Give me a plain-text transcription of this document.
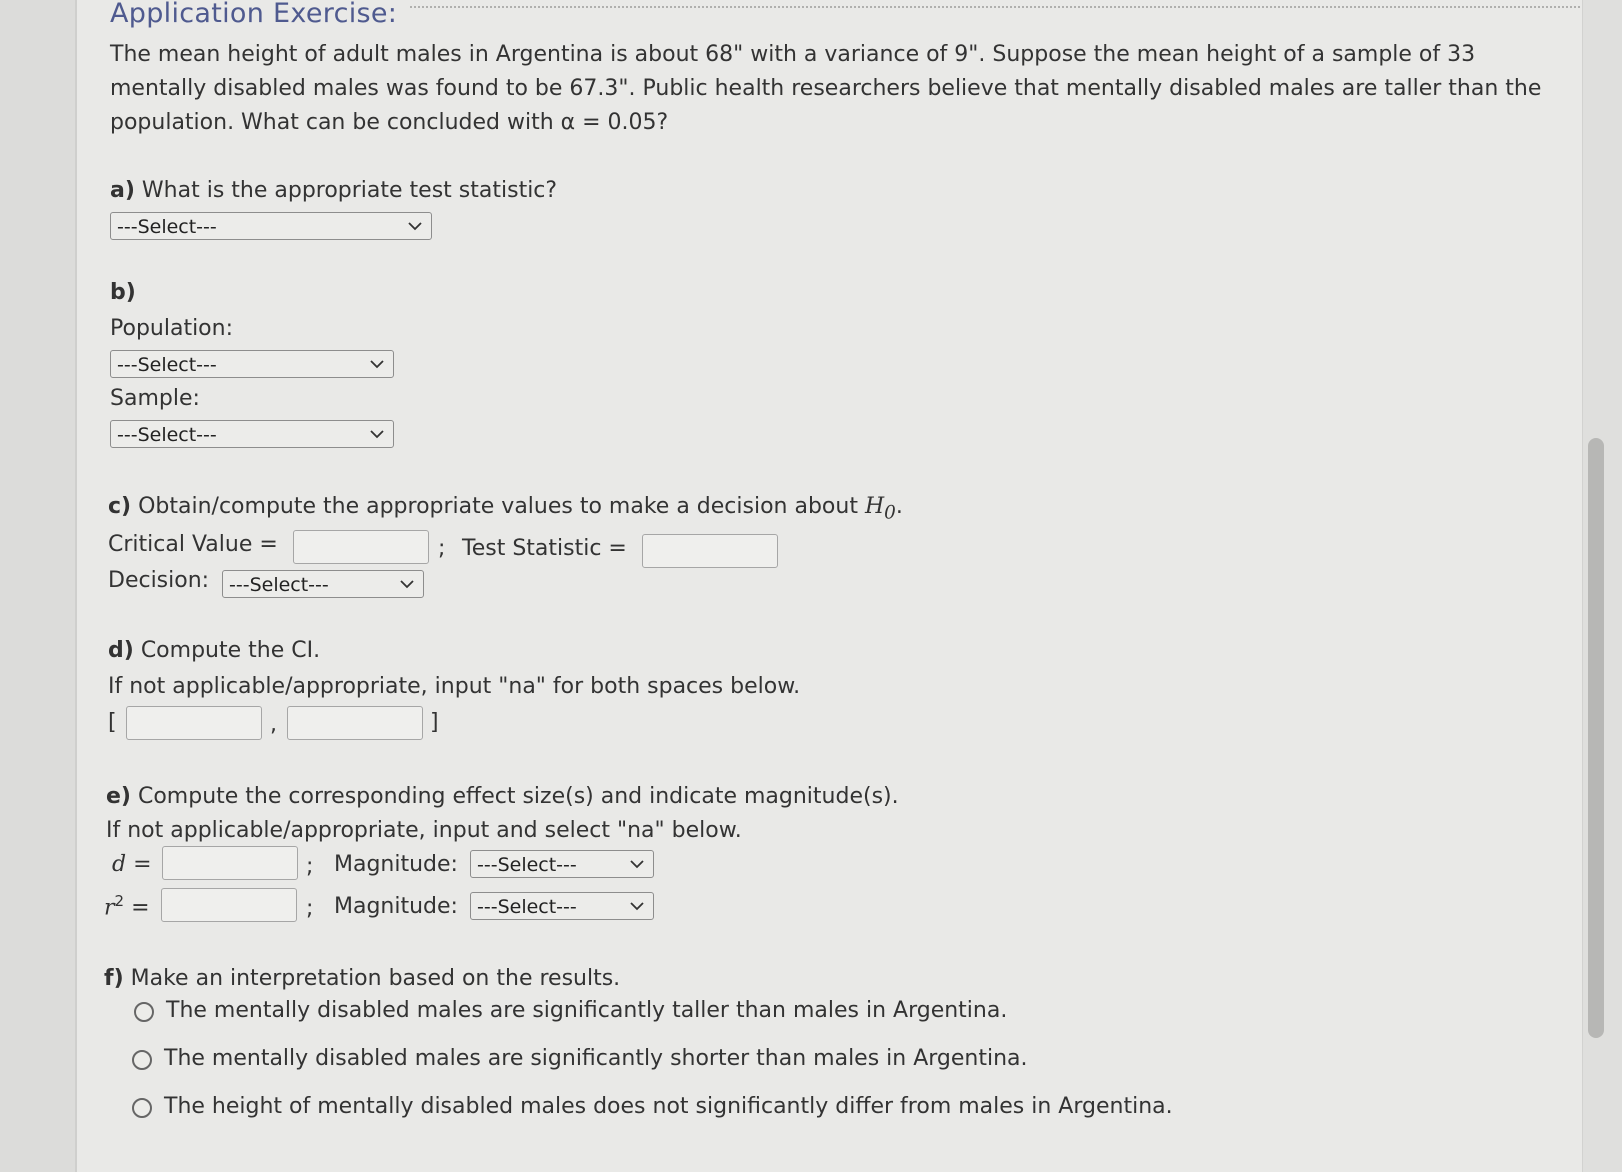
Application Exercise:
The mean height of adult males in Argentina is about 68" with a variance of 9". Suppose the mean height of a sample of 33 mentally disabled males was found to be 67.3". Public health researchers believe that mentally disabled males are taller than the population. What can be concluded with α = 0.05?
a) What is the appropriate test statistic?
---Select---
b)
Population:
---Select---
Sample:
---Select---
c) Obtain/compute the appropriate values to make a decision about $H_0$.
Critical Value =	; Test Statistic =
Decision:	---Select---
d) Compute the CI.
If not applicable/appropriate, input "na" for both spaces below.
[	,	]
e) Compute the corresponding effect size(s) and indicate magnitude(s).
If not applicable/appropriate, input and select "na" below.
d =	; Magnitude:	---Select---
$r^2$ =	; Magnitude:	---Select---
f) Make an interpretation based on the results.
The mentally disabled males are significantly taller than males in Argentina.
The mentally disabled males are significantly shorter than males in Argentina.
The height of mentally disabled males does not significantly differ from males in Argentina.
